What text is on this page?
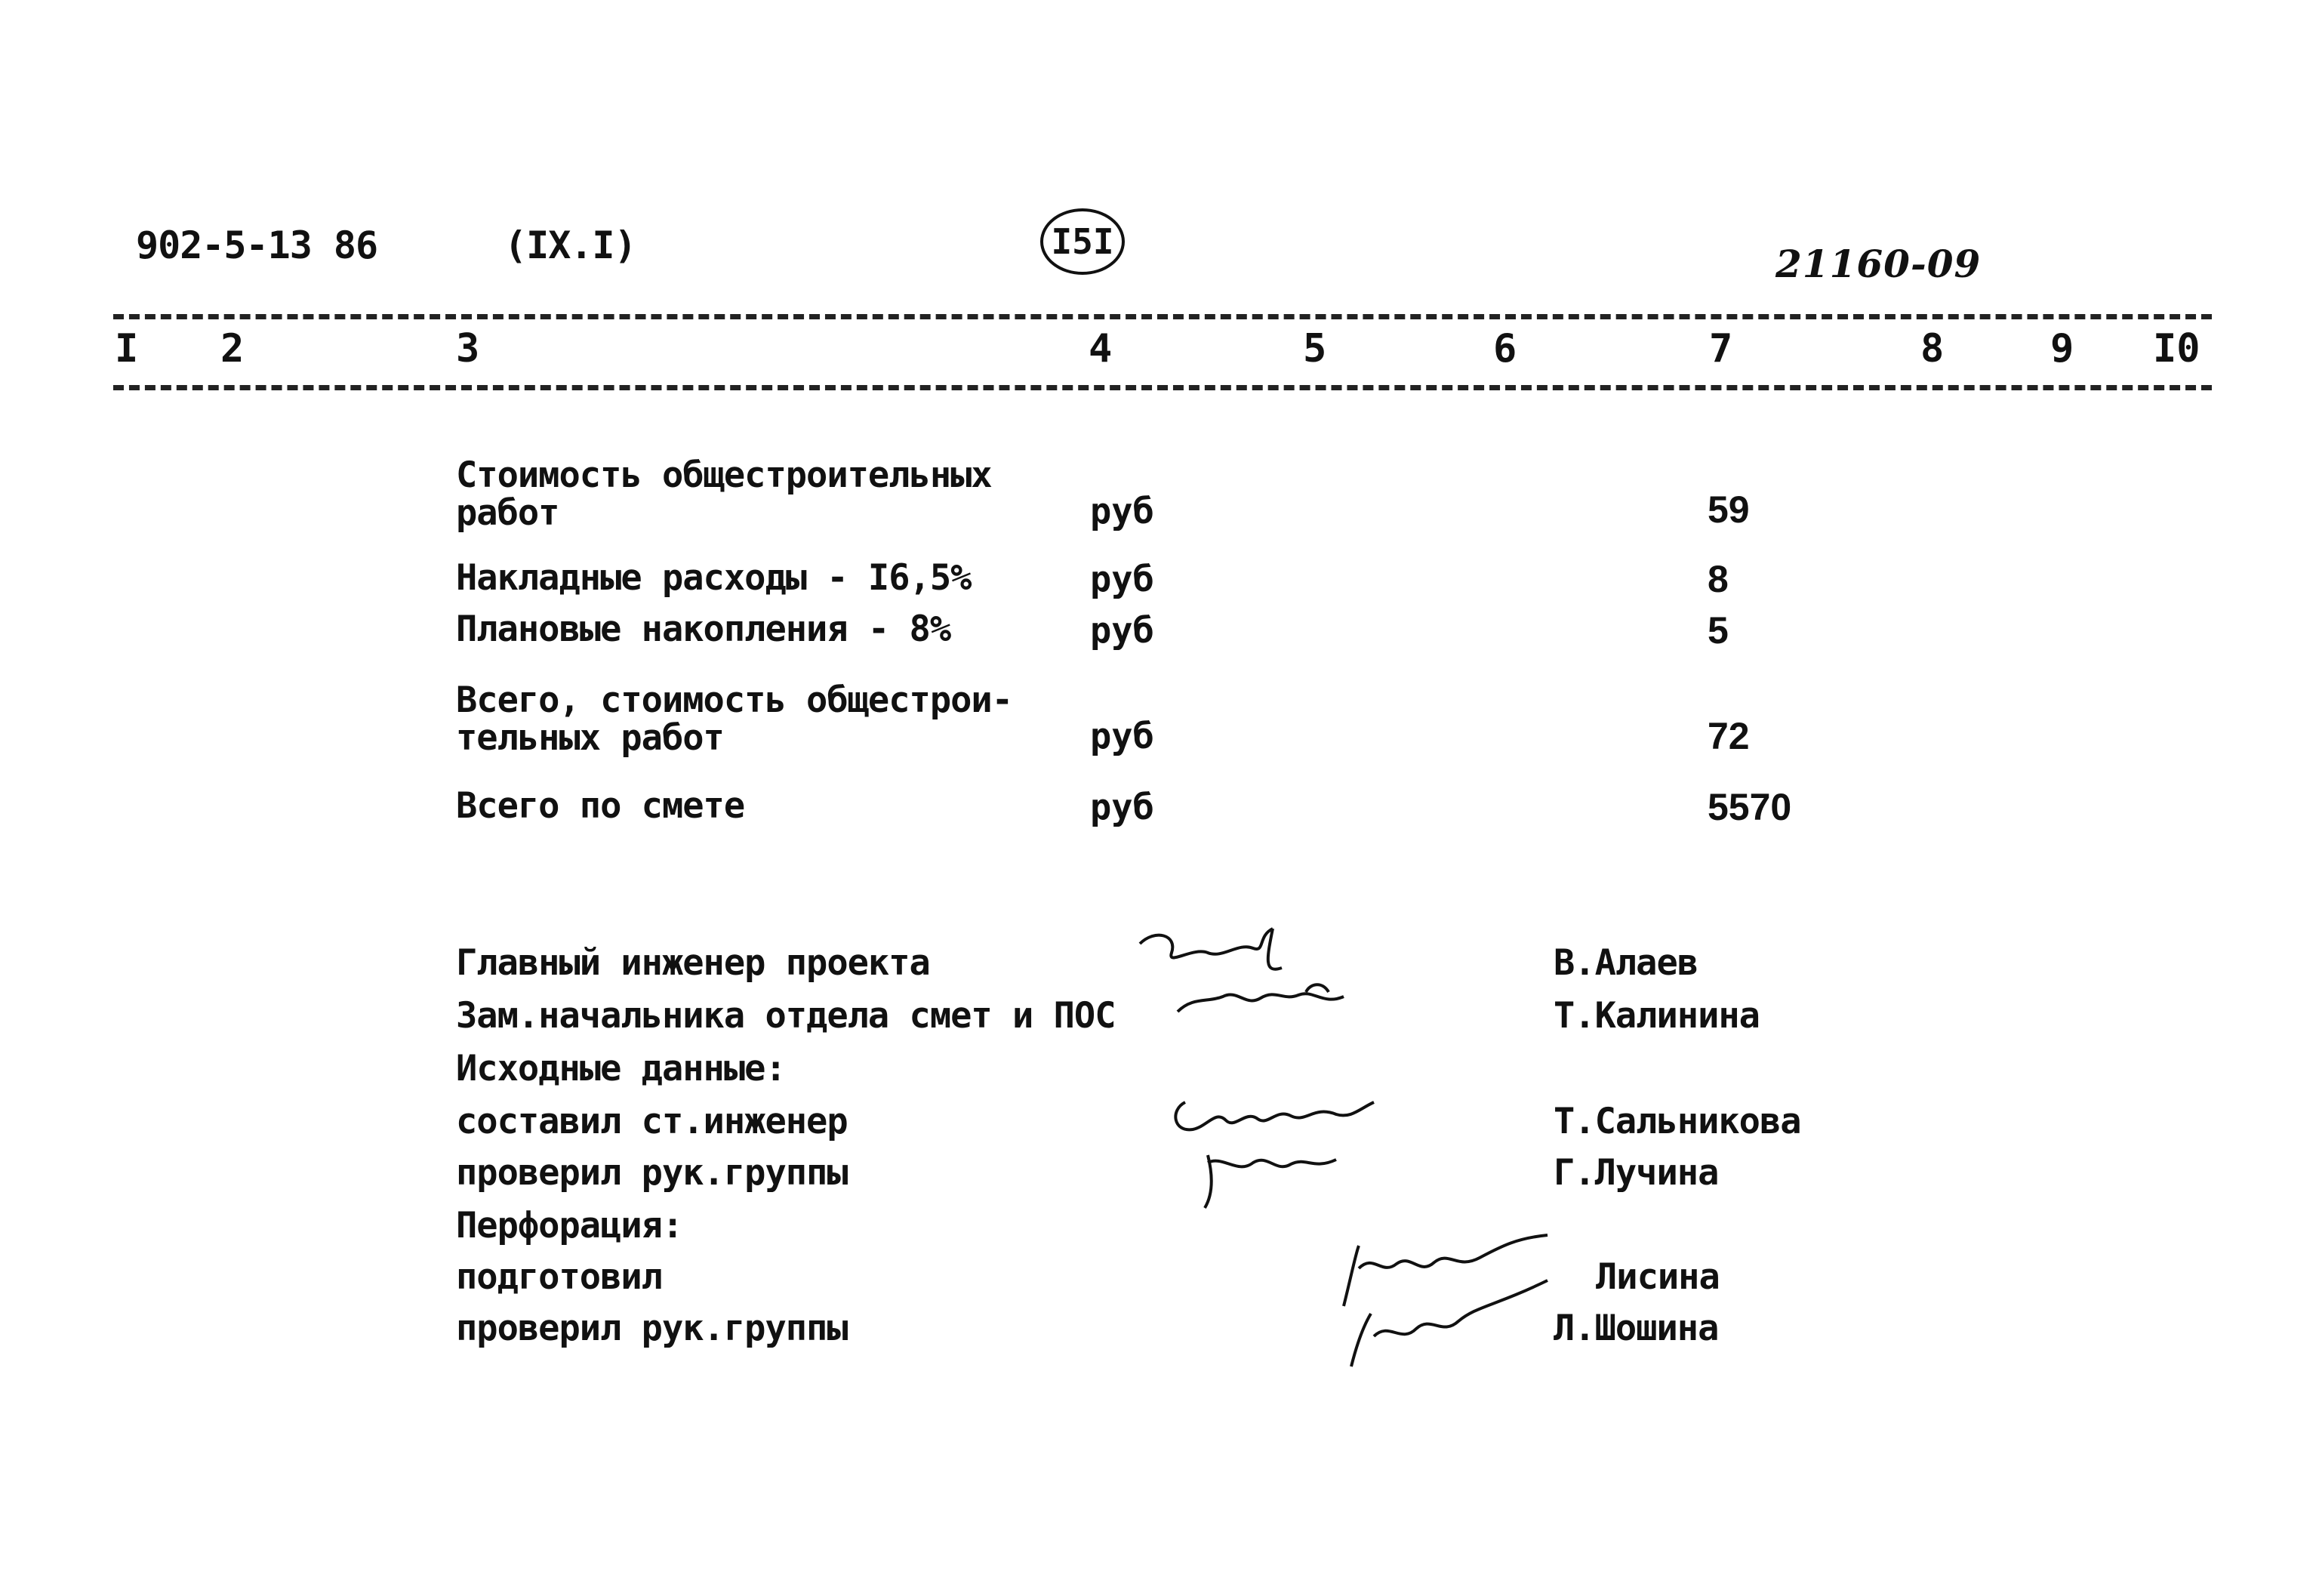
902-5-13 86	(IX.I)	I5I	21160-09
I 2	3	4	5	6	7	8	9 I0
Стоимость общестроительных
работ	руб	59
Накладные расходы - I6,5%	руб	8
Плановые накопления - 8%	руб	5
Всего, стоимость общестрои-
тельных работ	руб	72
Всего по смете	руб	5570
Главный инженер проекта	В.Алаев
Зам.начальника отдела смет и ПОС	Т.Калинина
Исходные данные:
составил ст.инженер	Т.Сальникова
проверил рук.группы	Г.Лучина
Перфорация:
подготовил	Лисина
проверил рук.группы	Л.Шошина
